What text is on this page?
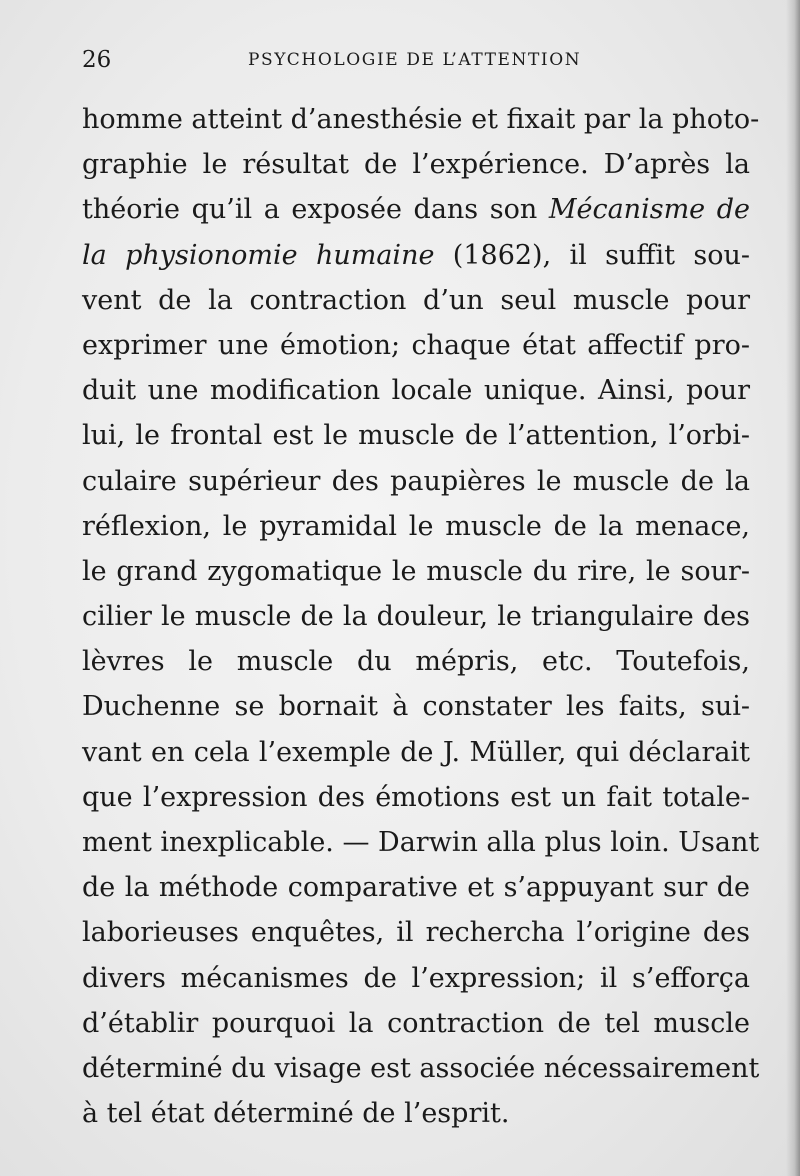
26	PSYCHOLOGIE DE L’ATTENTION
homme atteint d’anesthésie et fixait par la photo-
graphie le résultat de l’expérience. D’après la
théorie qu’il a exposée dans son Mécanisme de
la physionomie humaine (1862), il suffit sou-
vent de la contraction d’un seul muscle pour
exprimer une émotion; chaque état affectif pro-
duit une modification locale unique. Ainsi, pour
lui, le frontal est le muscle de l’attention, l’orbi-
culaire supérieur des paupières le muscle de la
réflexion, le pyramidal le muscle de la menace,
le grand zygomatique le muscle du rire, le sour-
cilier le muscle de la douleur, le triangulaire des
lèvres le muscle du mépris, etc. Toutefois,
Duchenne se bornait à constater les faits, sui-
vant en cela l’exemple de J. Müller, qui déclarait
que l’expression des émotions est un fait totale-
ment inexplicable. — Darwin alla plus loin. Usant
de la méthode comparative et s’appuyant sur de
laborieuses enquêtes, il rechercha l’origine des
divers mécanismes de l’expression; il s’efforça
d’établir pourquoi la contraction de tel muscle
déterminé du visage est associée nécessairement
à tel état déterminé de l’esprit.
